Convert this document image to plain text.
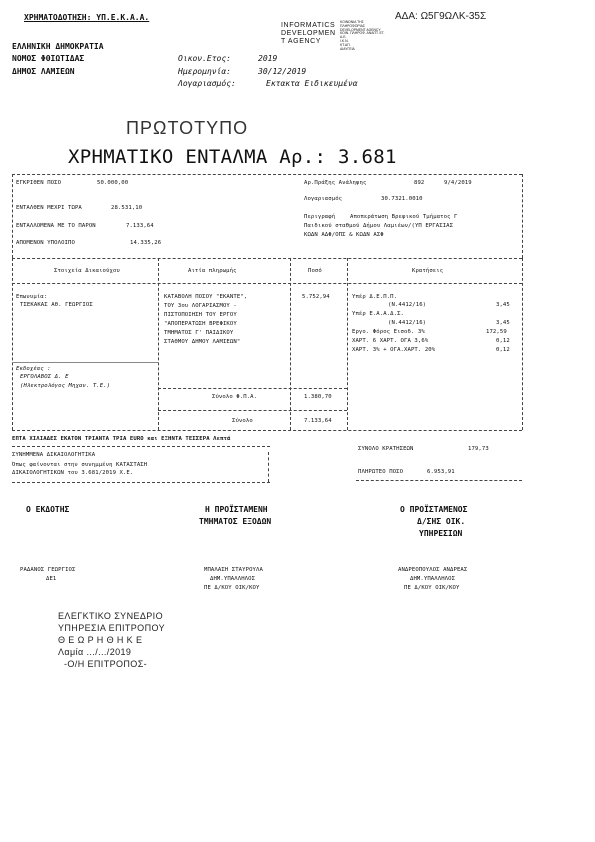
ΧΡΗΜΑΤΟΔΟΤΗΣΗ: ΥΠ.Ε.Κ.Α.Α.	ΑΔΑ: Ω5Γ9ΩΛΚ-35Σ
INFORMATICS
DEVELOPMEN
T AGENCY
ΚΟΙΝΩΝΙΑ ΤΗΣ
ΠΛΗΡΟΦΟΡΙΑΣ
DEVELOPMENT AGENCY
ΚΟΙΝ. ΠΛΗΡΟΦ. ΑΝΑΠΤ. ΕΤ.
Α.Ε.
Ι.Κ.Ν.
ΚΤ.ΑΠ.
ΔΙΑΥΓΕΙΑ
ΕΛΛΗΝΙΚΗ ΔΗΜΟΚΡΑΤΙΑ
ΝΟΜΟΣ ΦΘΙΩΤΙΔΑΣ
ΔΗΜΟΣ ΛΑΜΙΕΩΝ
Οικον.Ετος:	2019
Ημερομηνία:	30/12/2019
Λογαριασμός:	Εκτακτα Ειδικευμένα
ΠΡΩΤΟΤΥΠΟ
ΧΡΗΜΑΤΙΚΟ ΕΝΤΑΛΜΑ Αρ.: 3.681
ΕΓΚΡΙΘΕΝ ΠΟΣΟ	50.000,00
ΕΝΤΑΛΘΕΝ ΜΕΧΡΙ ΤΩΡΑ	28.531,10
ΕΝΤΑΛΛΟΜΕΝΑ ΜΕ ΤΟ ΠΑΡΟΝ	7.133,64
ΑΠΟΜΕΝΟΝ ΥΠΟΛΟΙΠΟ	14.335,26
Αρ.Πράξης Ανάληψης	892	9/4/2019
Λογαριασμός	30.7321.0010
Περιγραφή	Αποπεράτωση Βρεφικού Τμήματος Γ
Παιδικού σταθμού Δήμου Λαμιέων/(ΥΠ ΕΡΓΑΣΙΑΣ
ΚΩΔΝ ΑΔΦ/ΟΠΣ & ΚΩΔΝ ΑΣΦ
Στοιχεία Δικαιούχου	Αιτία πληρωμής	Ποσό	Κρατήσεις
Επωνυμία:
ΤΣΕΚΑΚΑΣ ΑΘ. ΓΕΩΡΓΙΟΣ
Εκδοχέας :
ΕΡΓΟΛΑΒΟΣ Δ. Ε
(Ηλεκτρολόγος Μηχαν. Τ.Ε.)
ΚΑΤΑΒΟΛΗ ΠΟΣΟΥ "ΕΚΑΝΤΕ",
ΤΟΥ 3ου ΛΟΓΑΡΙΑΣΜΟΥ -
ΠΙΣΤΟΠΟΙΗΣΗ ΤΟΥ ΕΡΓΟΥ
"ΑΠΟΠΕΡΑΤΩΣΗ ΒΡΕΦΙΚΟΥ
ΤΜΗΜΑΤΟΣ Γ' ΠΑΙΔΙΚΟΥ
ΣΤΑΘΜΟΥ ΔΗΜΟΥ ΛΑΜΙΕΩΝ"
5.752,94
Σύνολο Φ.Π.Α.	1.380,70
Σύνολο	7.133,64
Υπέρ Δ.Ε.Π.Π.
(Ν.4412/16)	3,45
Υπέρ Ε.Α.Α.Δ.Σ.
(Ν.4412/16)	3,45
Εργο. Φόρος Εισοδ. 3%	172,59
ΧΑΡΤ. 6 ΧΑΡΤ. ΟΓΑ 3,6%	0,12
ΧΑΡΤ. 3% + ΟΓΑ.ΧΑΡΤ. 20%	0,12
ΕΠΤΑ ΧΙΛΙΑΔΕΣ ΕΚΑΤΟΝ ΤΡΙΑΝΤΑ ΤΡΙΑ EURO και ΕΞΗΝΤΑ ΤΕΣΣΕΡΑ Λεπτά
ΣΥΝΟΛΟ ΚΡΑΤΗΣΕΩΝ	179,73
ΣΥΝΗΜΜΕΝΑ ΔΙΚΑΙΟΛΟΓΗΤΙΚΑ
Όπως φαίνονται στην συνημμένη ΚΑΤΑΣΤΑΣΗ
ΔΙΚΑΙΟΛΟΓΗΤΙΚΩΝ του 3.681/2019 Χ.Ε.	ΠΛΗΡΩΤΕΟ ΠΟΣΟ	6.953,91
Ο ΕΚΔΟΤΗΣ	Η ΠΡΟΪΣΤΑΜΕΝΗ
ΤΜΗΜΑΤΟΣ ΕΞΟΔΩΝ
Ο ΠΡΟΪΣΤΑΜΕΝΟΣ
Δ/ΣΗΣ ΟΙΚ.
ΥΠΗΡΕΣΙΩΝ
ΡΑΔΑΝΟΣ ΓΕΩΡΓΙΟΣ
ΔΕ1
ΜΠΑΛΑΣΗ ΣΤΑΥΡΟΥΛΑ
ΔΗΜ.ΥΠΑΛΛΗΛΟΣ
ΠΕ Δ/ΚΟΥ ΟΙΚ/ΚΟΥ
ΑΝΔΡΕΟΠΟΥΛΟΣ ΑΝΔΡΕΑΣ
ΔΗΜ.ΥΠΑΛΛΗΛΟΣ
ΠΕ Δ/ΚΟΥ ΟΙΚ/ΚΟΥ
ΕΛΕΓΚΤΙΚΟ ΣΥΝΕΔΡΙΟ
ΥΠΗΡΕΣΙΑ ΕΠΙΤΡΟΠΟΥ
Θ Ε Ω Ρ Η Θ Η Κ Ε
Λαμία .../.../2019
-Ο/Η ΕΠΙΤΡΟΠΟΣ-
